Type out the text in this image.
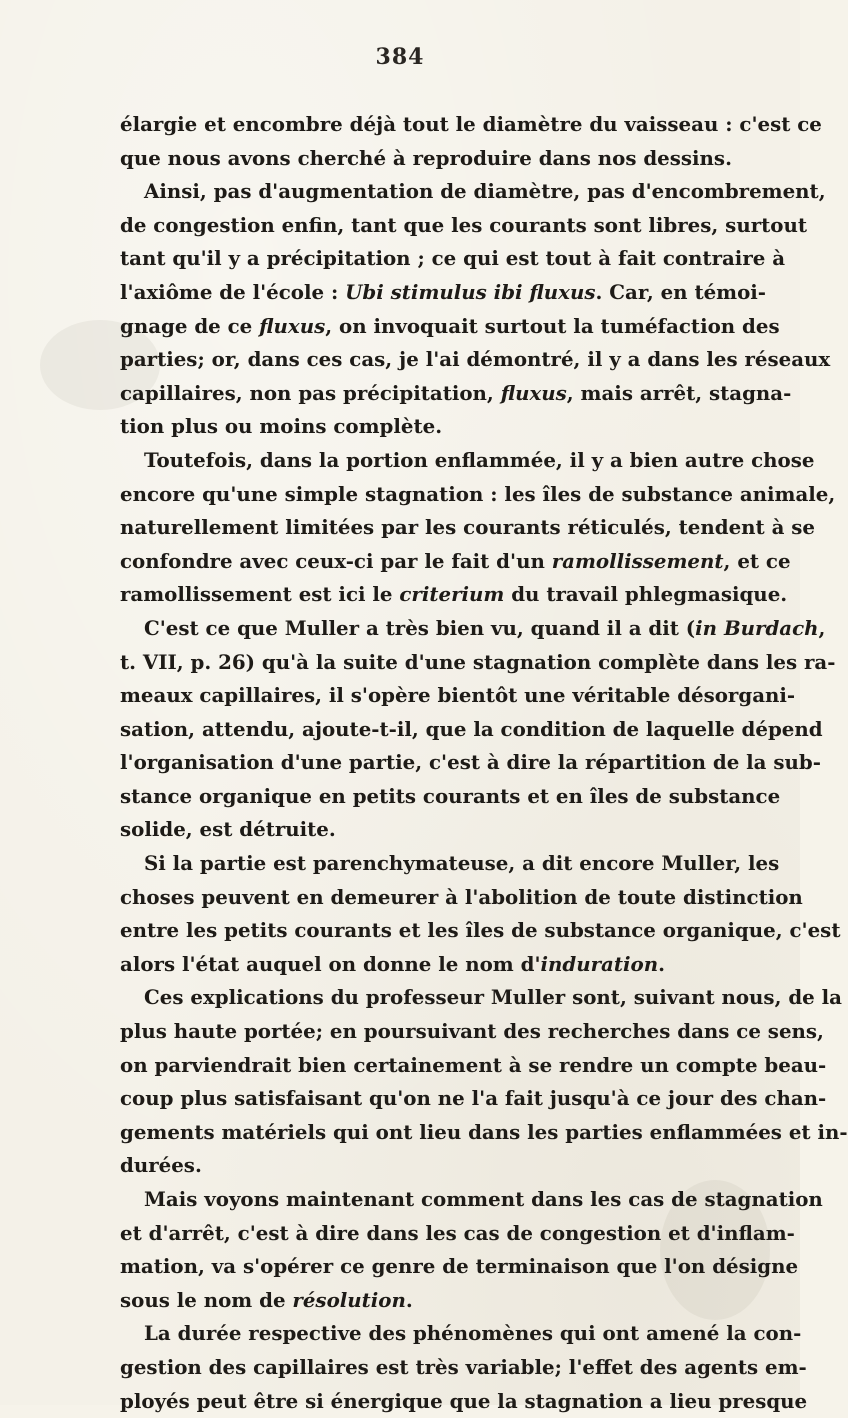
384

élargie et encombre déjà tout le diamètre du vaisseau : c'est ce
que nous avons cherché à reproduire dans nos dessins.

Ainsi, pas d'augmentation de diamètre, pas d'encombrement,
de congestion enfin, tant que les courants sont libres, surtout
tant qu'il y a précipitation ; ce qui est tout à fait contraire à
l'axiôme de l'école : Ubi stimulus ibi fluxus. Car, en témoi-
gnage de ce fluxus, on invoquait surtout la tuméfaction des
parties; or, dans ces cas, je l'ai démontré, il y a dans les réseaux
capillaires, non pas précipitation, fluxus, mais arrêt, stagna-
tion plus ou moins complète.

Toutefois, dans la portion enflammée, il y a bien autre chose
encore qu'une simple stagnation : les îles de substance animale,
naturellement limitées par les courants réticulés, tendent à se
confondre avec ceux-ci par le fait d'un ramollissement, et ce
ramollissement est ici le criterium du travail phlegmasique.

C'est ce que Muller a très bien vu, quand il a dit (in Burdach,
t. VII, p. 26) qu'à la suite d'une stagnation complète dans les ra-
meaux capillaires, il s'opère bientôt une véritable désorgani-
sation, attendu, ajoute-t-il, que la condition de laquelle dépend
l'organisation d'une partie, c'est à dire la répartition de la sub-
stance organique en petits courants et en îles de substance
solide, est détruite.

Si la partie est parenchymateuse, a dit encore Muller, les
choses peuvent en demeurer à l'abolition de toute distinction
entre les petits courants et les îles de substance organique, c'est
alors l'état auquel on donne le nom d'induration.

Ces explications du professeur Muller sont, suivant nous, de la
plus haute portée; en poursuivant des recherches dans ce sens,
on parviendrait bien certainement à se rendre un compte beau-
coup plus satisfaisant qu'on ne l'a fait jusqu'à ce jour des chan-
gements matériels qui ont lieu dans les parties enflammées et in-
durées.

Mais voyons maintenant comment dans les cas de stagnation
et d'arrêt, c'est à dire dans les cas de congestion et d'inflam-
mation, va s'opérer ce genre de terminaison que l'on désigne
sous le nom de résolution.

La durée respective des phénomènes qui ont amené la con-
gestion des capillaires est très variable; l'effet des agents em-
ployés peut être si énergique que la stagnation a lieu presque
